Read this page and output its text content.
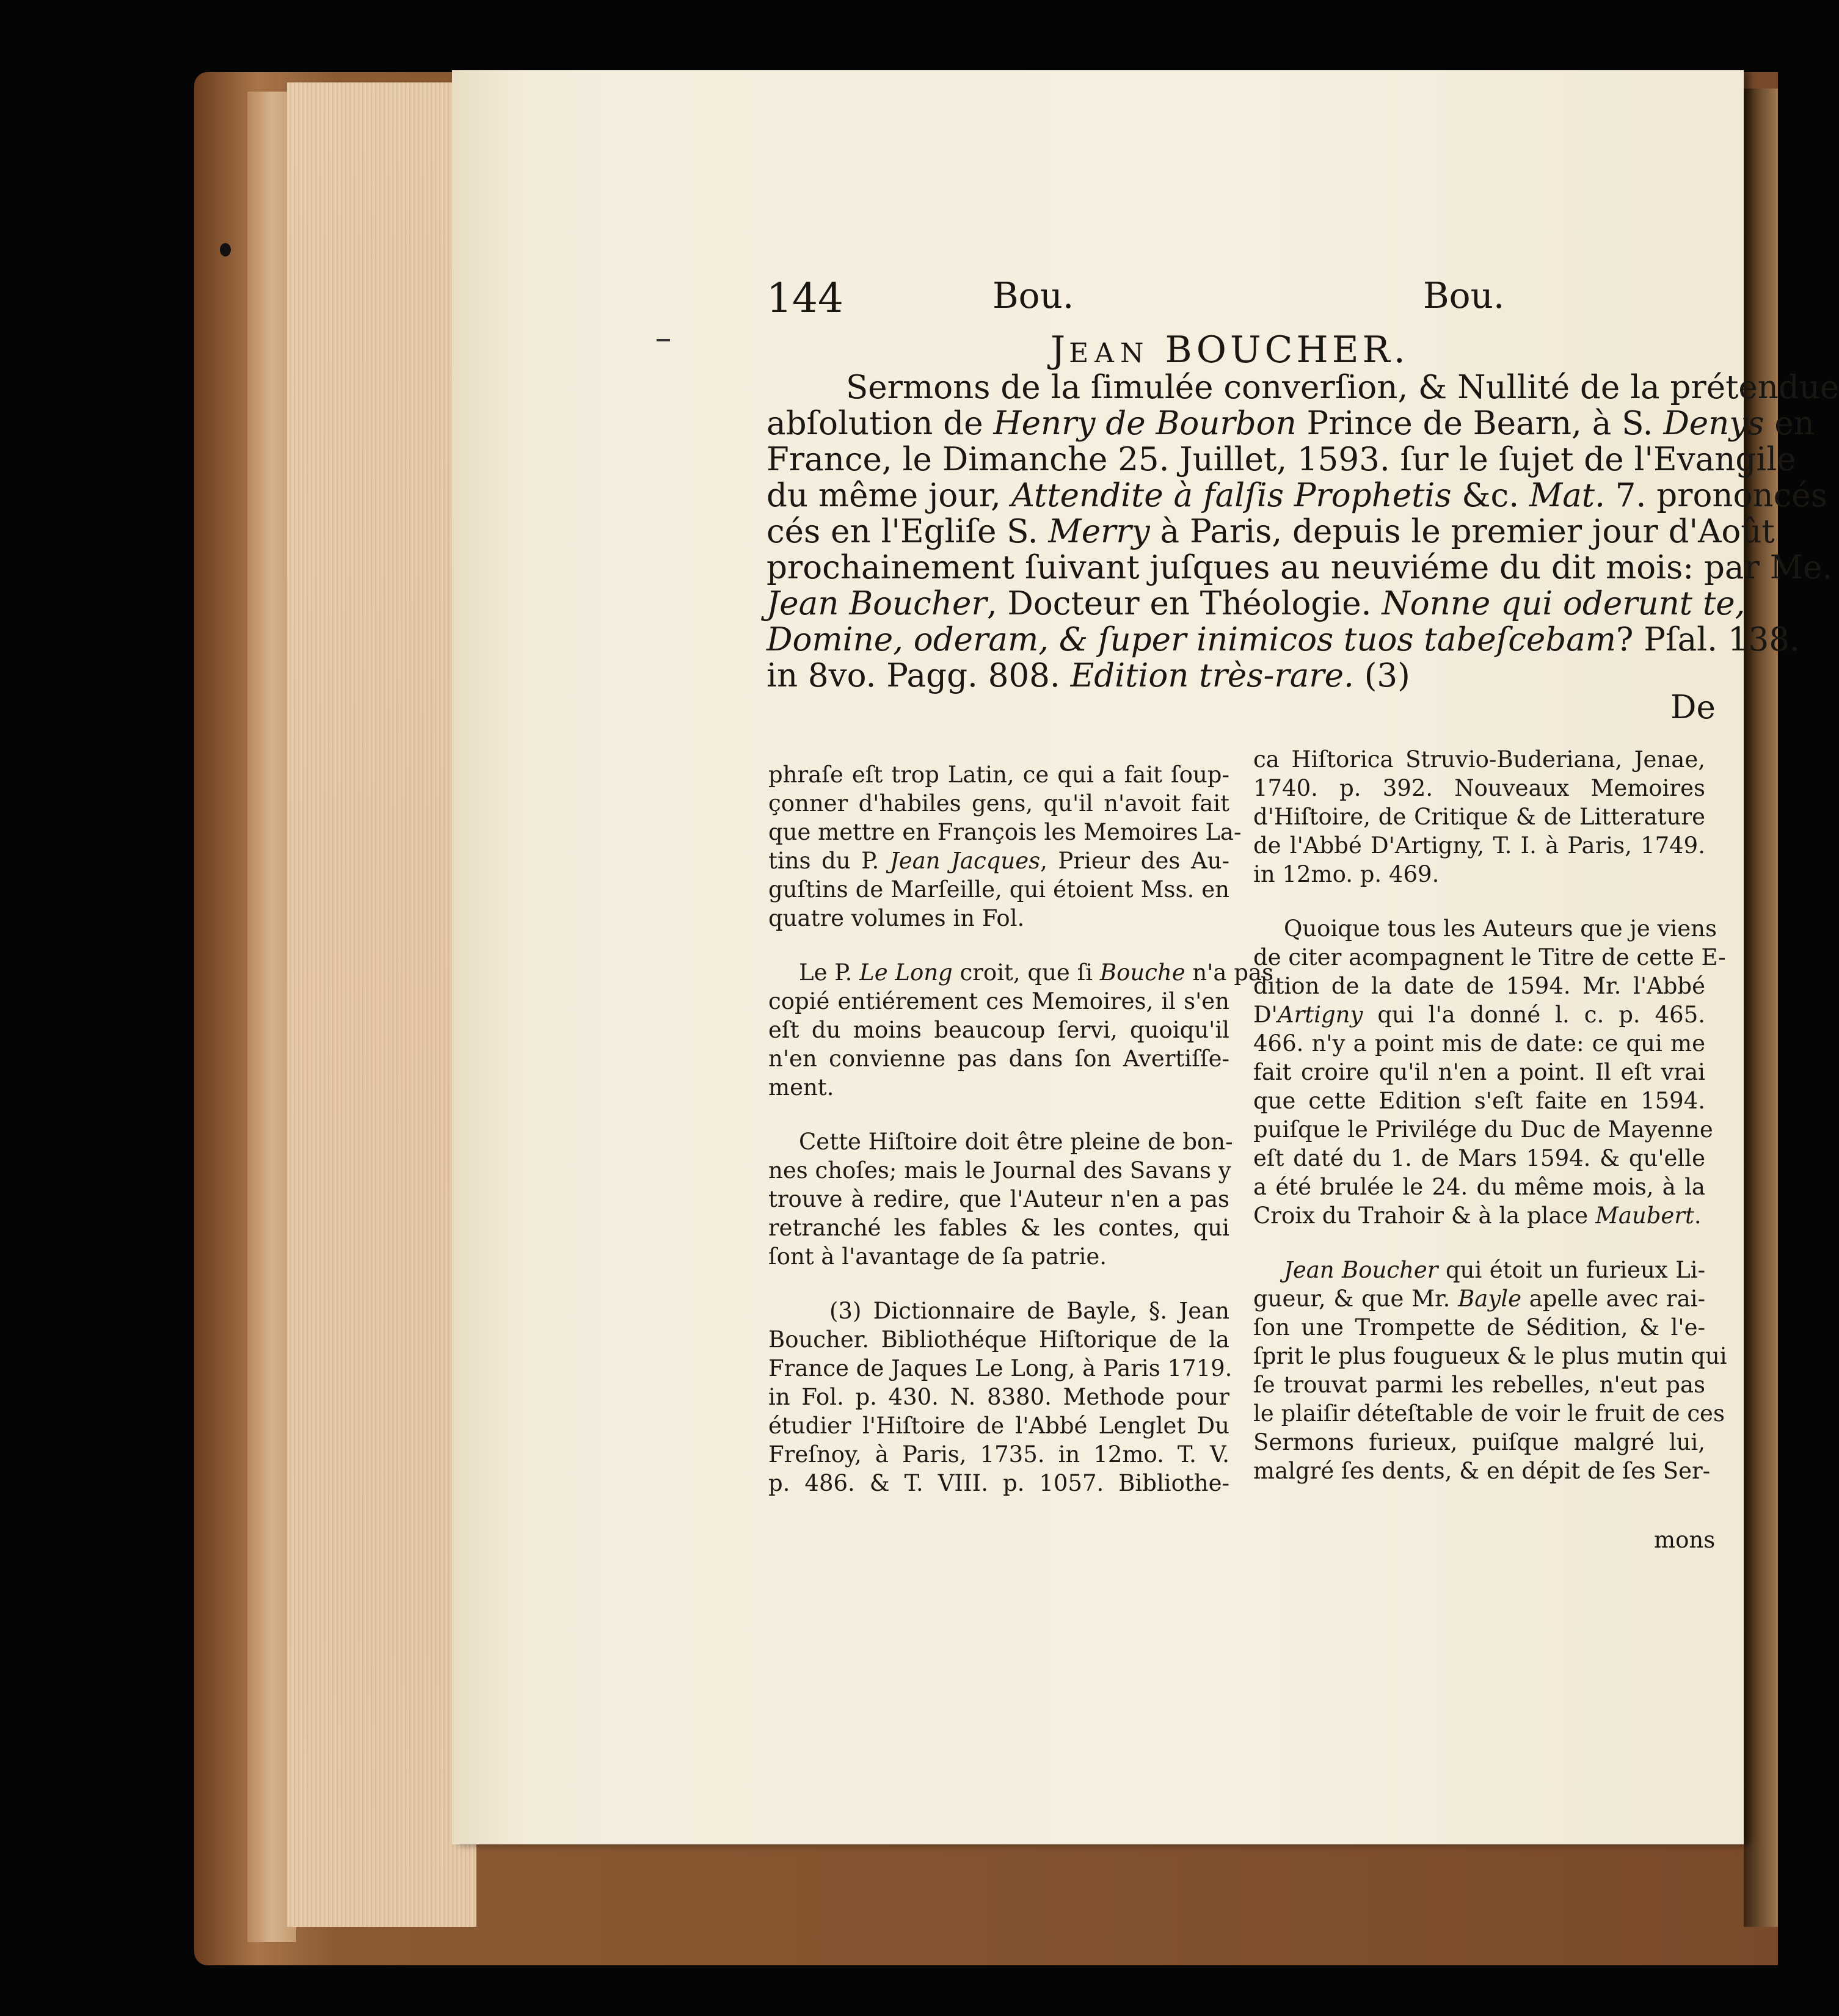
144	Bou.	Bou.
JEAN BOUCHER.
Sermons de la ſimulée converſion, & Nullité de la prétendue
abſolution de Henry de Bourbon Prince de Bearn, à S. Denys en
France, le Dimanche 25. Juillet, 1593. ſur le ſujet de l'Evangile
du même jour, Attendite à falſis Prophetis &c. Mat. 7. prononcés
cés en l'Egliſe S. Merry à Paris, depuis le premier jour d'Août
prochainement ſuivant juſques au neuviéme du dit mois: par Me.
Jean Boucher, Docteur en Théologie. Nonne qui oderunt te,
Domine, oderam, & ſuper inimicos tuos tabeſcebam? Pſal. 138.
in 8vo. Pagg. 808. Edition très-rare. (3)
De
phraſe eſt trop Latin, ce qui a fait ſoup-
çonner d'habiles gens, qu'il n'avoit fait
que mettre en François les Memoires La-
tins du P. Jean Jacques, Prieur des Au-
guſtins de Marſeille, qui étoient Mss. en
quatre volumes in Fol.
Le P. Le Long croit, que ſi Bouche n'a pas
copié entiérement ces Memoires, il s'en
eſt du moins beaucoup ſervi, quoiqu'il
n'en convienne pas dans ſon Avertiſſe-
ment.
Cette Hiſtoire doit être pleine de bon-
nes choſes; mais le Journal des Savans y
trouve à redire, que l'Auteur n'en a pas
retranché les fables & les contes, qui
ſont à l'avantage de ſa patrie.
(3) Dictionnaire de Bayle, §. Jean
Boucher. Bibliothéque Hiſtorique de la
France de Jaques Le Long, à Paris 1719.
in Fol. p. 430. N. 8380. Methode pour
étudier l'Hiſtoire de l'Abbé Lenglet Du
Freſnoy, à Paris, 1735. in 12mo. T. V.
p. 486. & T. VIII. p. 1057. Bibliothe-
ca Hiſtorica Struvio-Buderiana, Jenae,
1740. p. 392. Nouveaux Memoires
d'Hiſtoire, de Critique & de Litterature
de l'Abbé D'Artigny, T. I. à Paris, 1749.
in 12mo. p. 469.
Quoique tous les Auteurs que je viens
de citer acompagnent le Titre de cette E-
dition de la date de 1594. Mr. l'Abbé
D'Artigny qui l'a donné l. c. p. 465.
466. n'y a point mis de date: ce qui me
fait croire qu'il n'en a point. Il eſt vrai
que cette Edition s'eſt faite en 1594.
puiſque le Privilége du Duc de Mayenne
eſt daté du 1. de Mars 1594. & qu'elle
a été brulée le 24. du même mois, à la
Croix du Trahoir & à la place Maubert.
Jean Boucher qui étoit un furieux Li-
gueur, & que Mr. Bayle apelle avec rai-
ſon une Trompette de Sédition, & l'e-
ſprit le plus fougueux & le plus mutin qui
ſe trouvat parmi les rebelles, n'eut pas
le plaiſir déteſtable de voir le fruit de ces
Sermons furieux, puiſque malgré lui,
malgré ſes dents, & en dépit de ſes Ser-
mons
